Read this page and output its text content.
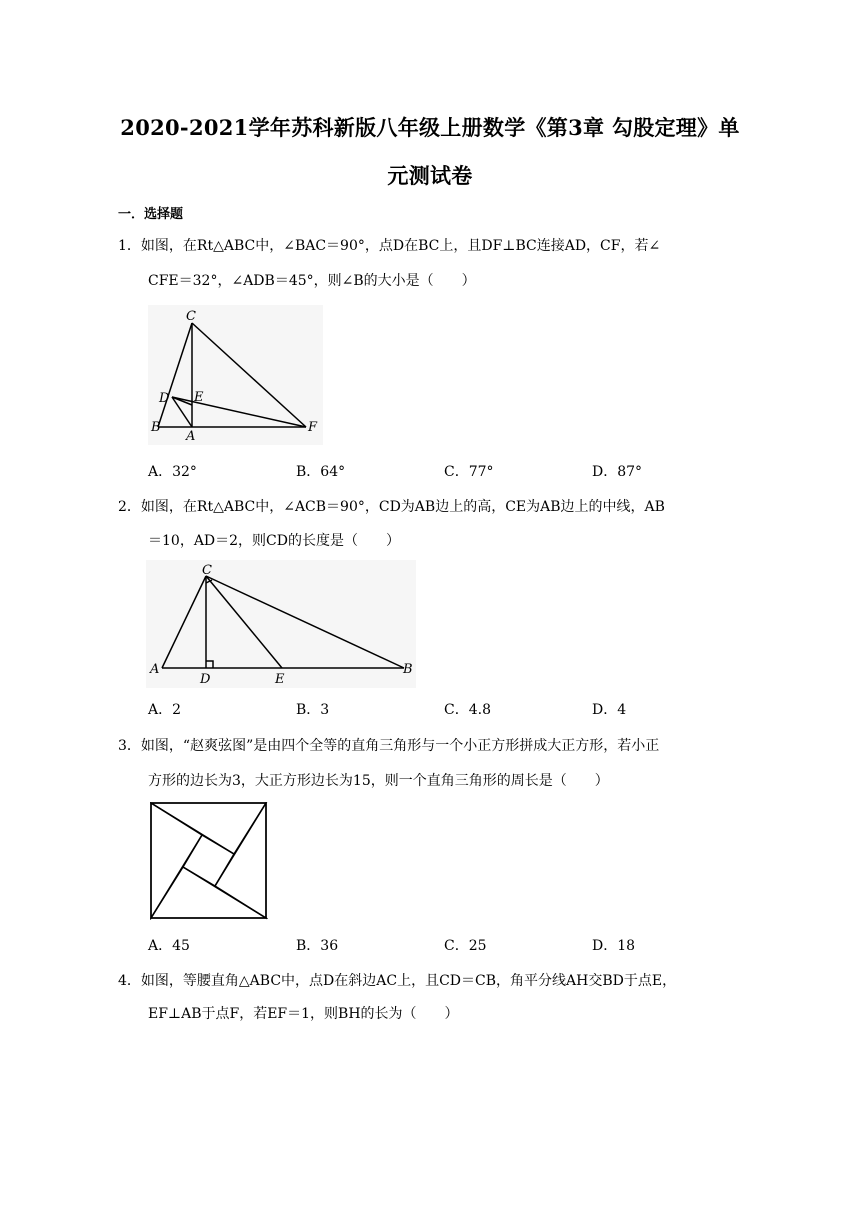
2020-2021学年苏科新版八年级上册数学《第3章 勾股定理》单
元测试卷
一．选择题
1．如图，在Rt△ABC中，∠BAC＝90°，点D在BC上，且DF⊥BC连接AD，CF，若∠
CFE＝32°，∠ADB＝45°，则∠B的大小是（　　）
C
D E
B
A
F
A．32°	B．64°	C．77°	D．87°
2．如图，在Rt△ABC中，∠ACB＝90°，CD为AB边上的高，CE为AB边上的中线，AB
＝10，AD＝2，则CD的长度是（　　）
C
A
D	E
B
A．2	B．3	C．4.8	D．4
3．如图，“赵爽弦图”是由四个全等的直角三角形与一个小正方形拼成大正方形，若小正
方形的边长为3，大正方形边长为15，则一个直角三角形的周长是（　　）
A．45	B．36	C．25	D．18
4．如图，等腰直角△ABC中，点D在斜边AC上，且CD＝CB，角平分线AH交BD于点E，
EF⊥AB于点F，若EF＝1，则BH的长为（　　）
